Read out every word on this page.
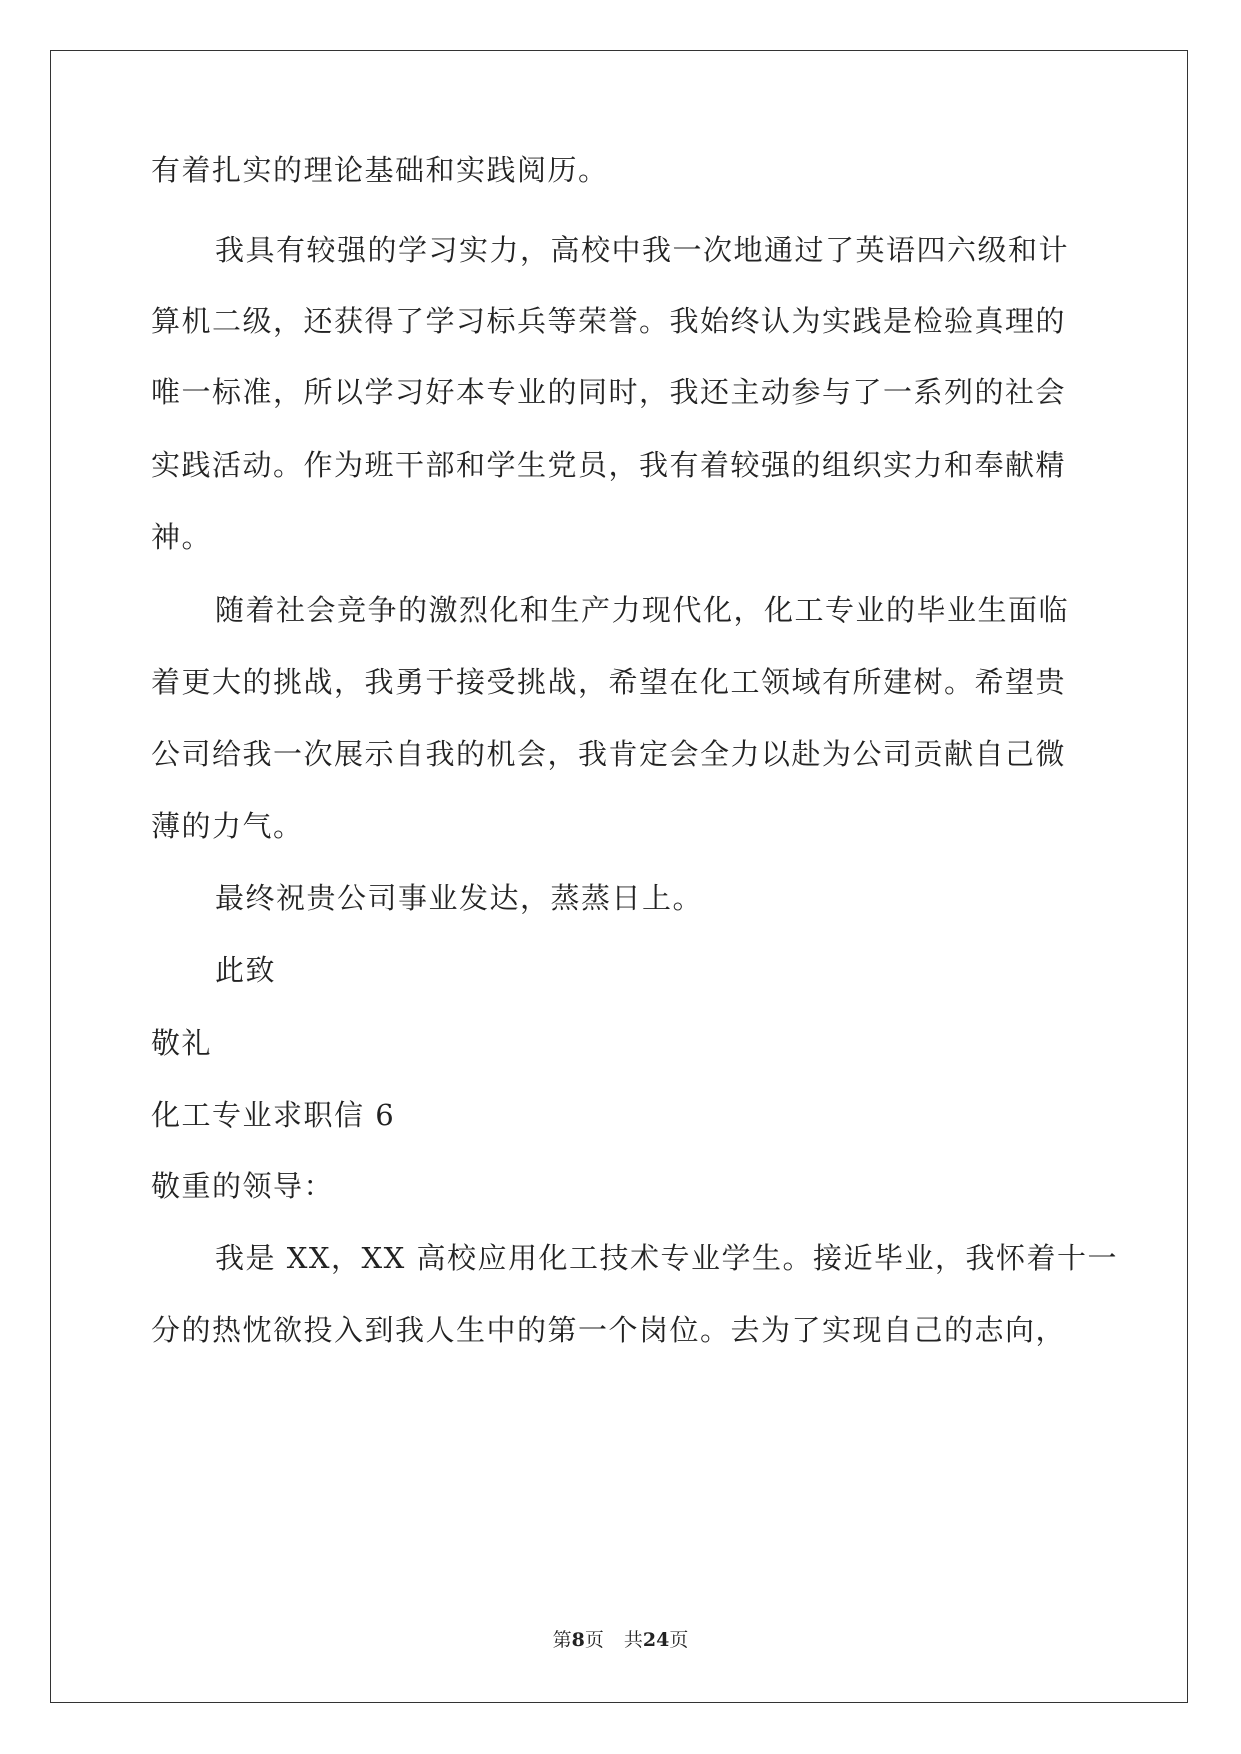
有着扎实的理论基础和实践阅历。
我具有较强的学习实力，高校中我一次地通过了英语四六级和计
算机二级，还获得了学习标兵等荣誉。我始终认为实践是检验真理的
唯一标准，所以学习好本专业的同时，我还主动参与了一系列的社会
实践活动。作为班干部和学生党员，我有着较强的组织实力和奉献精
神。
随着社会竞争的激烈化和生产力现代化，化工专业的毕业生面临
着更大的挑战，我勇于接受挑战，希望在化工领域有所建树。希望贵
公司给我一次展示自我的机会，我肯定会全力以赴为公司贡献自己微
薄的力气。
最终祝贵公司事业发达，蒸蒸日上。
此致
敬礼
化工专业求职信 6
敬重的领导：
我是 XX，XX 高校应用化工技术专业学生。接近毕业，我怀着十一
分的热忱欲投入到我人生中的第一个岗位。去为了实现自己的志向，
第8页 共24页
